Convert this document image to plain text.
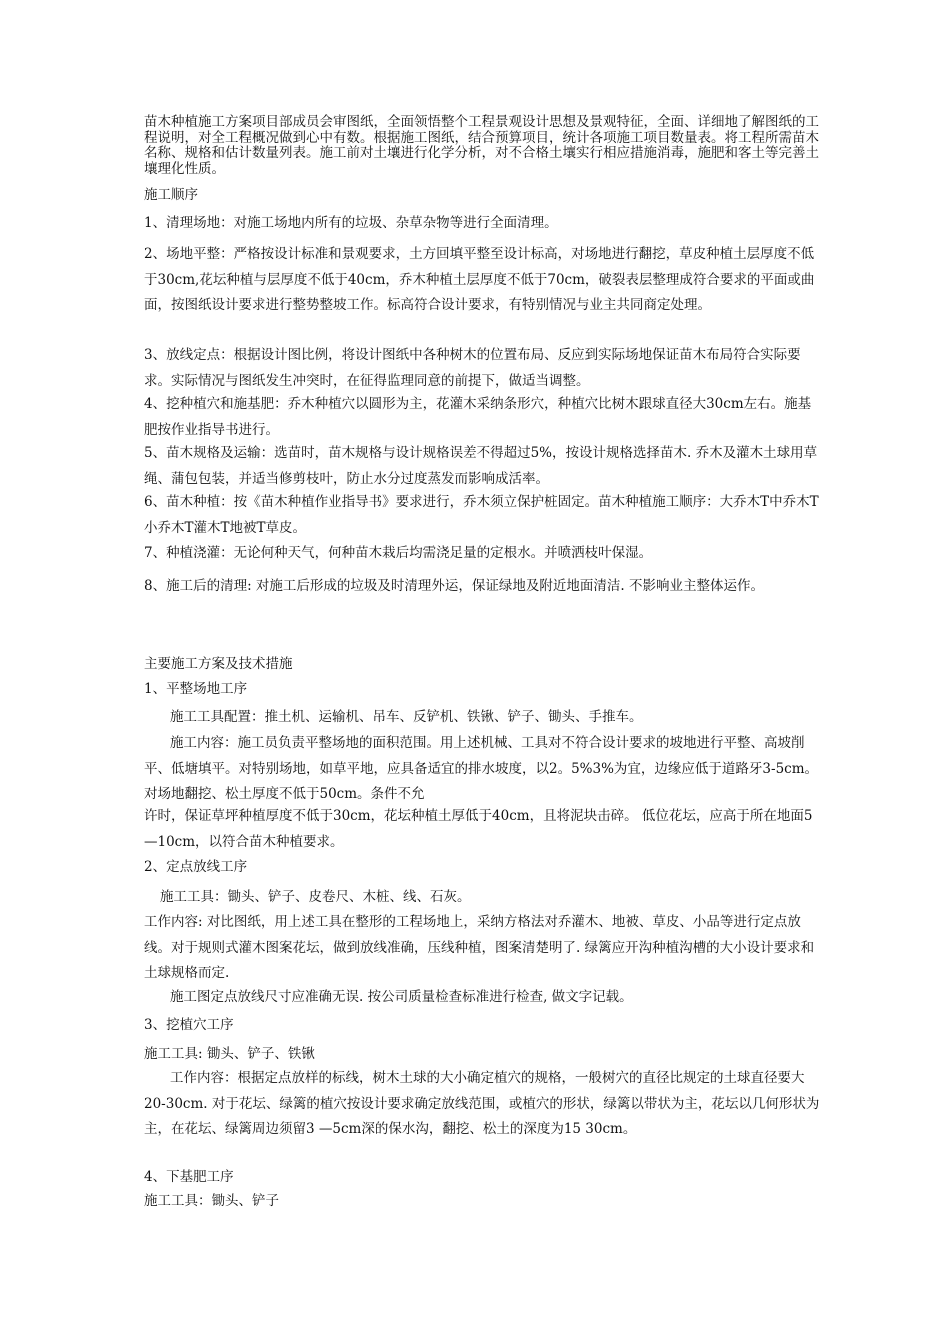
苗木种植施工方案项目部成员会审图纸，全面领悟整个工程景观设计思想及景观特征，全面、详细地了解图纸的工程说明，对全工程概况做到心中有数。根据施工图纸，结合预算项目，统计各项施工项目数量表。将工程所需苗木名称、规格和估计数量列表。施工前对土壤进行化学分析，对不合格土壤实行相应措施消毒，施肥和客土等完善土壤理化性质。

施工顺序

1、清理场地：对施工场地内所有的垃圾、杂草杂物等进行全面清理。

2、场地平整：严格按设计标准和景观要求，土方回填平整至设计标高，对场地进行翻挖，草皮种植土层厚度不低于30cm,花坛种植与层厚度不低于40cm，乔木种植土层厚度不低于70cm，破裂表层整理成符合要求的平面或曲面，按图纸设计要求进行整势整坡工作。标高符合设计要求，有特别情况与业主共同商定处理。

3、放线定点：根据设计图比例，将设计图纸中各种树木的位置布局、反应到实际场地保证苗木布局符合实际要求。实际情况与图纸发生冲突时，在征得监理同意的前提下，做适当调整。

4、挖种植穴和施基肥：乔木种植穴以圆形为主，花灌木采纳条形穴，种植穴比树木跟球直径大30cm左右。施基肥按作业指导书进行。

5、苗木规格及运输：选苗时，苗木规格与设计规格误差不得超过5%，按设计规格选择苗木. 乔木及灌木土球用草绳、蒲包包装，并适当修剪枝叶，防止水分过度蒸发而影响成活率。

6、苗木种植：按《苗木种植作业指导书》要求进行，乔木须立保护桩固定。苗木种植施工顺序：大乔木T中乔木T小乔木T灌木T地被T草皮。

7、种植浇灌：无论何种天气，何种苗木栽后均需浇足量的定根水。并喷洒枝叶保湿。

8、施工后的清理: 对施工后形成的垃圾及时清理外运，保证绿地及附近地面清洁. 不影响业主整体运作。

主要施工方案及技术措施

1、平整场地工序

施工工具配置：推土机、运输机、吊车、反铲机、铁锹、铲子、锄头、手推车。

施工内容：施工员负责平整场地的面积范围。用上述机械、工具对不符合设计要求的坡地进行平整、高坡削平、低塘填平。对特别场地，如草平地，应具备适宜的排水坡度，以2。5%3%为宜，边缘应低于道路牙3-5cm。对场地翻挖、松土厚度不低于50cm。条件不允

许时，保证草坪种植厚度不低于30cm，花坛种植土厚低于40cm，且将泥块击碎。 低位花坛，应高于所在地面5 —10cm，以符合苗木种植要求。

2、定点放线工序

施工工具：锄头、铲子、皮卷尺、木桩、线、石灰。

工作内容: 对比图纸，用上述工具在整形的工程场地上，采纳方格法对乔灌木、地被、草皮、小品等进行定点放线。对于规则式灌木图案花坛，做到放线准确，压线种植，图案清楚明了. 绿篱应开沟种植沟槽的大小设计要求和土球规格而定.

施工图定点放线尺寸应准确无误. 按公司质量检查标准进行检查, 做文字记载。

3、挖植穴工序

施工工具: 锄头、铲子、铁锹

工作内容：根据定点放样的标线，树木土球的大小确定植穴的规格，一般树穴的直径比规定的土球直径要大20-30cm. 对于花坛、绿篱的植穴按设计要求确定放线范围，或植穴的形状，绿篱以带状为主，花坛以几何形状为主，在花坛、绿篱周边须留3 —5cm深的保水沟，翻挖、松土的深度为15 30cm。

4、下基肥工序

施工工具：锄头、铲子
